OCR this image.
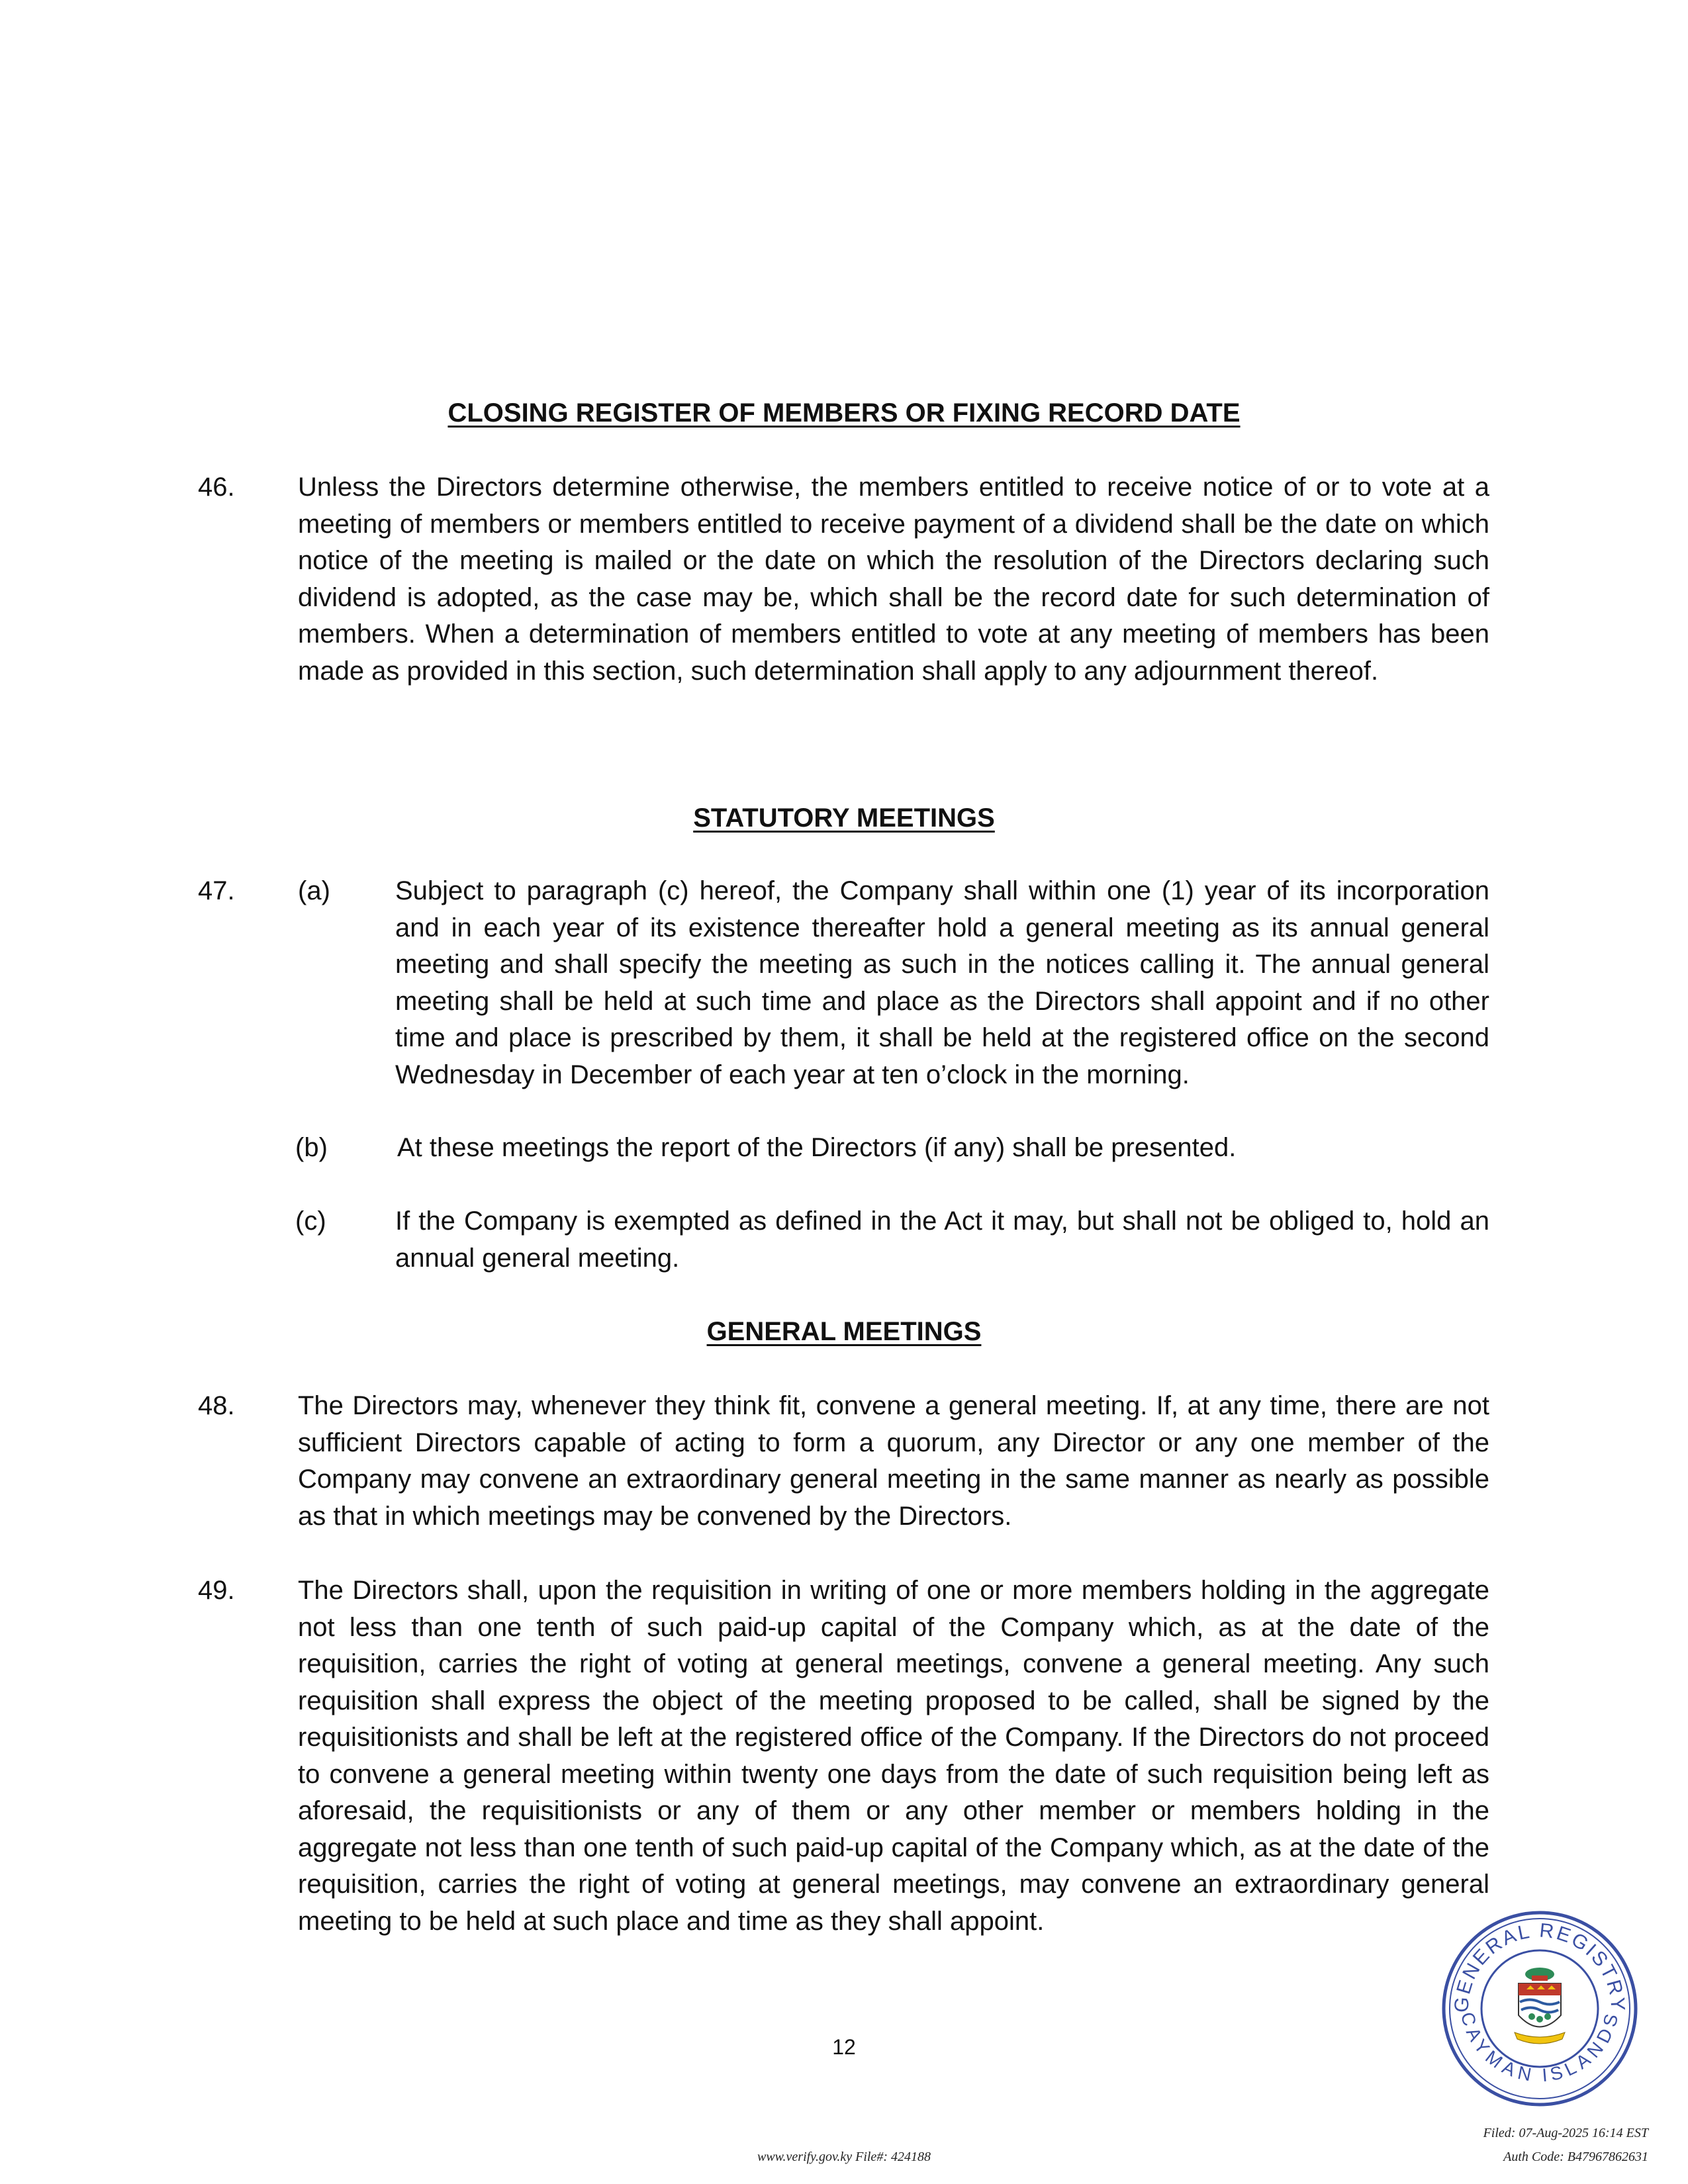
CLOSING REGISTER OF MEMBERS OR FIXING RECORD DATE
46. Unless the Directors determine otherwise, the members entitled to receive notice of or to vote at a meeting of members or members entitled to receive payment of a dividend shall be the date on which notice of the meeting is mailed or the date on which the resolution of the Directors declaring such dividend is adopted, as the case may be, which shall be the record date for such determination of members. When a determination of members entitled to vote at any meeting of members has been made as provided in this section, such determination shall apply to any adjournment thereof.
STATUTORY MEETINGS
47. (a) Subject to paragraph (c) hereof, the Company shall within one (1) year of its incorporation and in each year of its existence thereafter hold a general meeting as its annual general meeting and shall specify the meeting as such in the notices calling it. The annual general meeting shall be held at such time and place as the Directors shall appoint and if no other time and place is prescribed by them, it shall be held at the registered office on the second Wednesday in December of each year at ten o’clock in the morning.
(b)	At these meetings the report of the Directors (if any) shall be presented.
(c)	If the Company is exempted as defined in the Act it may, but shall not be obliged to, hold an annual general meeting.
GENERAL MEETINGS
48. The Directors may, whenever they think fit, convene a general meeting. If, at any time, there are not sufficient Directors capable of acting to form a quorum, any Director or any one member of the Company may convene an extraordinary general meeting in the same manner as nearly as possible as that in which meetings may be convened by the Directors.
49. The Directors shall, upon the requisition in writing of one or more members holding in the aggregate not less than one tenth of such paid-up capital of the Company which, as at the date of the requisition, carries the right of voting at general meetings, convene a general meeting. Any such requisition shall express the object of the meeting proposed to be called, shall be signed by the requisitionists and shall be left at the registered office of the Company. If the Directors do not proceed to convene a general meeting within twenty one days from the date of such requisition being left as aforesaid, the requisitionists or any of them or any other member or members holding in the aggregate not less than one tenth of such paid-up capital of the Company which, as at the date of the requisition, carries the right of voting at general meetings, may convene an extraordinary general meeting to be held at such place and time as they shall appoint.
12
GENERAL REGISTRY
CAYMAN ISLANDS
www.verify.gov.ky File#: 424188
Filed: 07-Aug-2025 16:14 EST
Auth Code: B47967862631
